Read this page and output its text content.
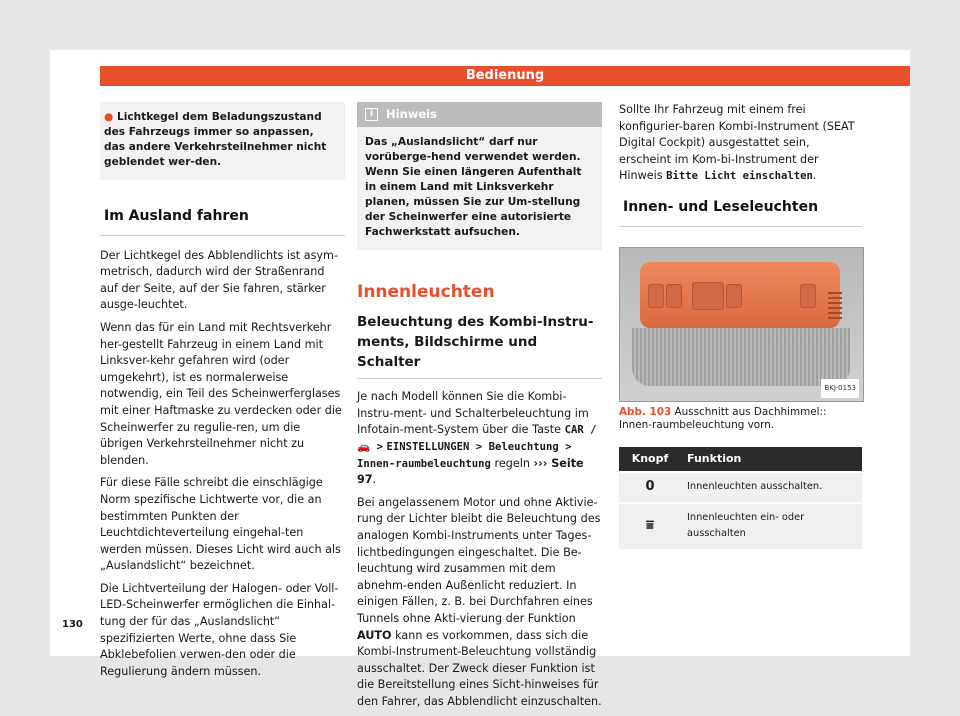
Bedienung

● Lichtkegel dem Beladungszustand des Fahrzeugs immer so anpassen, das andere Verkehrsteilnehmer nicht geblendet wer-den.

Im Ausland fahren

Der Lichtkegel des Abblendlichts ist asym-metrisch, dadurch wird der Straßenrand auf der Seite, auf der Sie fahren, stärker ausge-leuchtet.

Wenn das für ein Land mit Rechtsverkehr her-gestellt Fahrzeug in einem Land mit Linksver-kehr gefahren wird (oder umgekehrt), ist es normalerweise notwendig, ein Teil des Scheinwerferglases mit einer Haftmaske zu verdecken oder die Scheinwerfer zu regulie-ren, um die übrigen Verkehrsteilnehmer nicht zu blenden.

Für diese Fälle schreibt die einschlägige Norm spezifische Lichtwerte vor, die an bestimmten Punkten der Leuchtdichteverteilung eingehal-ten werden müssen. Dieses Licht wird auch als „Auslandslicht“ bezeichnet.

Die Lichtverteilung der Halogen- oder Voll-LED-Scheinwerfer ermöglichen die Einhal-tung der für das „Auslandslicht“ spezifizierten Werte, ohne dass Sie Abklebefolien verwen-den oder die Regulierung ändern müssen.

i	Hinweis
Das „Auslandslicht“ darf nur vorüberge-hend verwendet werden. Wenn Sie einen längeren Aufenthalt in einem Land mit Linksverkehr planen, müssen Sie zur Um-stellung der Scheinwerfer eine autorisierte Fachwerkstatt aufsuchen.
Innenleuchten
Beleuchtung des Kombi-Instru-ments, Bildschirme und Schalter

Je nach Modell können Sie die Kombi-Instru-ment- und Schalterbeleuchtung im Infotain-ment-System über die Taste CAR / 🚗 > EINSTELLUNGEN > Beleuchtung > Innen-raumbeleuchtung regeln ››› Seite 97.

Bei angelassenem Motor und ohne Aktivie-rung der Lichter bleibt die Beleuchtung des analogen Kombi-Instruments unter Tages-lichtbedingungen eingeschaltet. Die Be-leuchtung wird zusammen mit dem abnehm-enden Außenlicht reduziert. In einigen Fällen, z. B. bei Durchfahren eines Tunnels ohne Akti-vierung der Funktion AUTO kann es vorkommen, dass sich die Kombi-Instrument-Beleuchtung vollständig ausschaltet. Der Zweck dieser Funktion ist die Bereitstellung eines Sicht-hinweises für den Fahrer, das Abblendlicht einzuschalten.

Sollte Ihr Fahrzeug mit einem frei konfigurier-baren Kombi-Instrument (SEAT Digital Cockpit) ausgestattet sein, erscheint im Kom-bi-Instrument der Hinweis Bitte Licht einschalten.

Innen- und Leseleuchten
BKJ-0153
Abb. 103 Ausschnitt aus Dachhimmel:: Innen-raumbeleuchtung vorn.
Knopf	Funktion
0	Innenleuchten ausschalten.
⩸	Innenleuchten ein- oder ausschalten
130
